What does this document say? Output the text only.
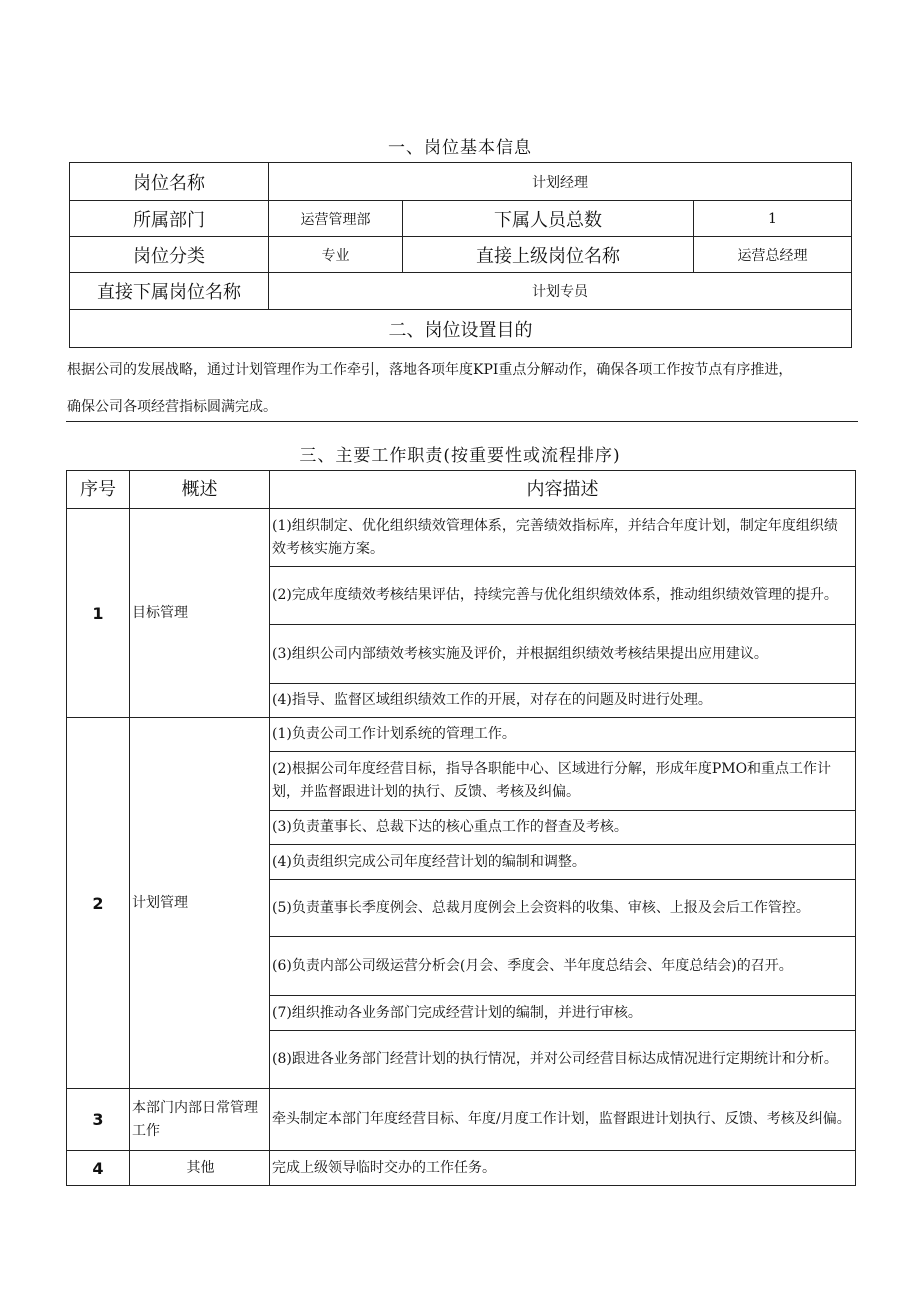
一、岗位基本信息
岗位名称	计划经理		
所属部门	运营管理部	下属人员总数	1
岗位分类	专业	直接上级岗位名称	运营总经理
直接下属岗位名称	计划专员		
二、岗位设置目的			
根据公司的发展战略，通过计划管理作为工作牵引，落地各项年度KPI重点分解动作，确保各项工作按节点有序推进，
确保公司各项经营指标圆满完成。
三、主要工作职责(按重要性或流程排序)
序号	概述	内容描述
1	目标管理	(1)组织制定、优化组织绩效管理体系，完善绩效指标库，并结合年度计划，制定年度组织绩效考核实施方案。
		(2)完成年度绩效考核结果评估，持续完善与优化组织绩效体系，推动组织绩效管理的提升。
		(3)组织公司内部绩效考核实施及评价，并根据组织绩效考核结果提出应用建议。
		(4)指导、监督区域组织绩效工作的开展，对存在的问题及时进行处理。
2	计划管理	(1)负责公司工作计划系统的管理工作。
		(2)根据公司年度经营目标，指导各职能中心、区域进行分解，形成年度PMO和重点工作计划，并监督跟进计划的执行、反馈、考核及纠偏。
		(3)负责董事长、总裁下达的核心重点工作的督查及考核。
		(4)负责组织完成公司年度经营计划的编制和调整。
		(5)负责董事长季度例会、总裁月度例会上会资料的收集、审核、上报及会后工作管控。
		(6)负责内部公司级运营分析会(月会、季度会、半年度总结会、年度总结会)的召开。
		(7)组织推动各业务部门完成经营计划的编制，并进行审核。
		(8)跟进各业务部门经营计划的执行情况，并对公司经营目标达成情况进行定期统计和分析。
3	本部门内部日常管理工作	牵头制定本部门年度经营目标、年度/月度工作计划，监督跟进计划执行、反馈、考核及纠偏。
4	其他	完成上级领导临时交办的工作任务。
